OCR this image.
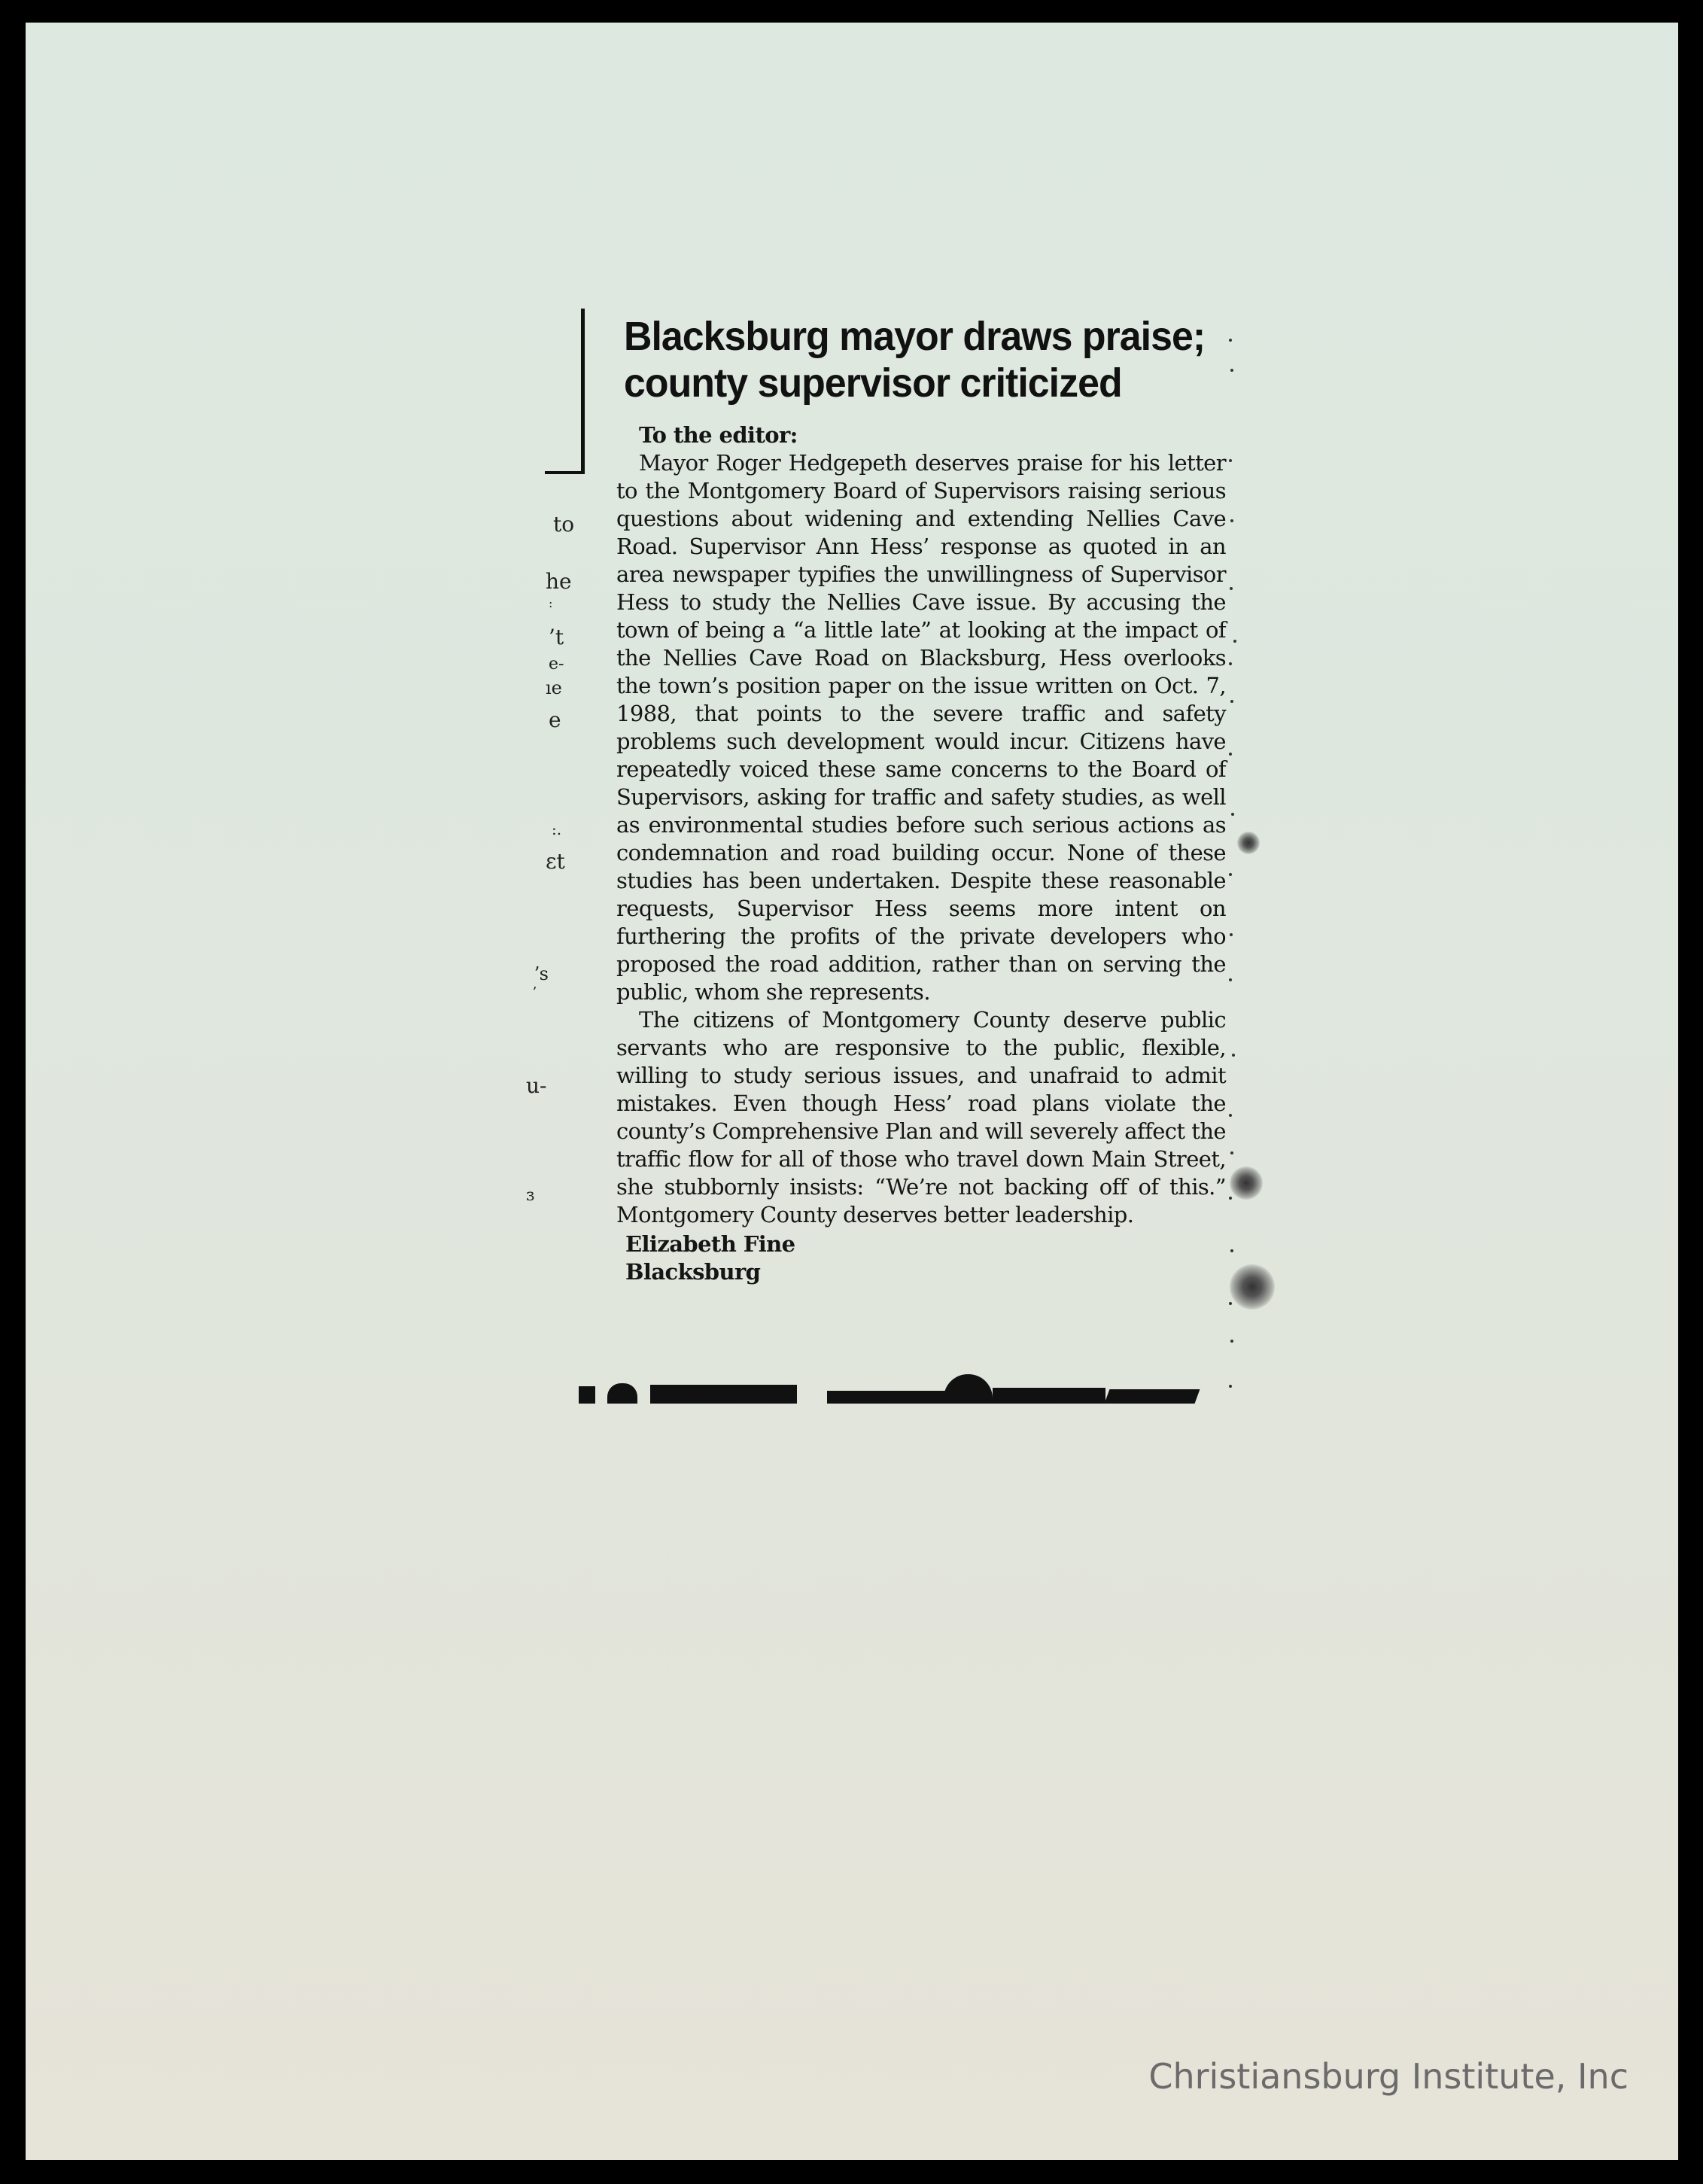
to
he
:
’t
e-
ıe
e
:.
ɛt
ʼs
ʼ
u-
ɜ
Blacksburg mayor draws praise;
county supervisor criticized
To the editor:

Mayor Roger Hedgepeth deserves praise for his letter to the Montgomery Board of Supervisors raising serious questions about widening and extending Nellies Cave Road. Supervisor Ann Hess’ response as quoted in an area newspaper typifies the unwillingness of Supervisor Hess to study the Nellies Cave issue. By accusing the town of being a “a little late” at looking at the impact of the Nellies Cave Road on Blacksburg, Hess overlooks the town’s position paper on the issue written on Oct. 7, 1988, that points to the severe traffic and safety problems such development would incur. Citizens have repeatedly voiced these same concerns to the Board of Supervisors, asking for traffic and safety studies, as well as environmental studies before such serious actions as condemnation and road building occur. None of these studies has been undertaken. Despite these reasonable requests, Supervisor Hess seems more intent on furthering the profits of the private developers who proposed the road addition, rather than on serving the public, whom she represents.

The citizens of Montgomery County deserve public servants who are responsive to the public, flexible, willing to study serious issues, and unafraid to admit mistakes. Even though Hess’ road plans violate the county’s Comprehensive Plan and will severely affect the traffic flow for all of those who travel down Main Street, she stubbornly insists: “We’re not backing off of this.” Montgomery County deserves better leadership.

Elizabeth Fine
Blacksburg
Christiansburg Institute, Inc
